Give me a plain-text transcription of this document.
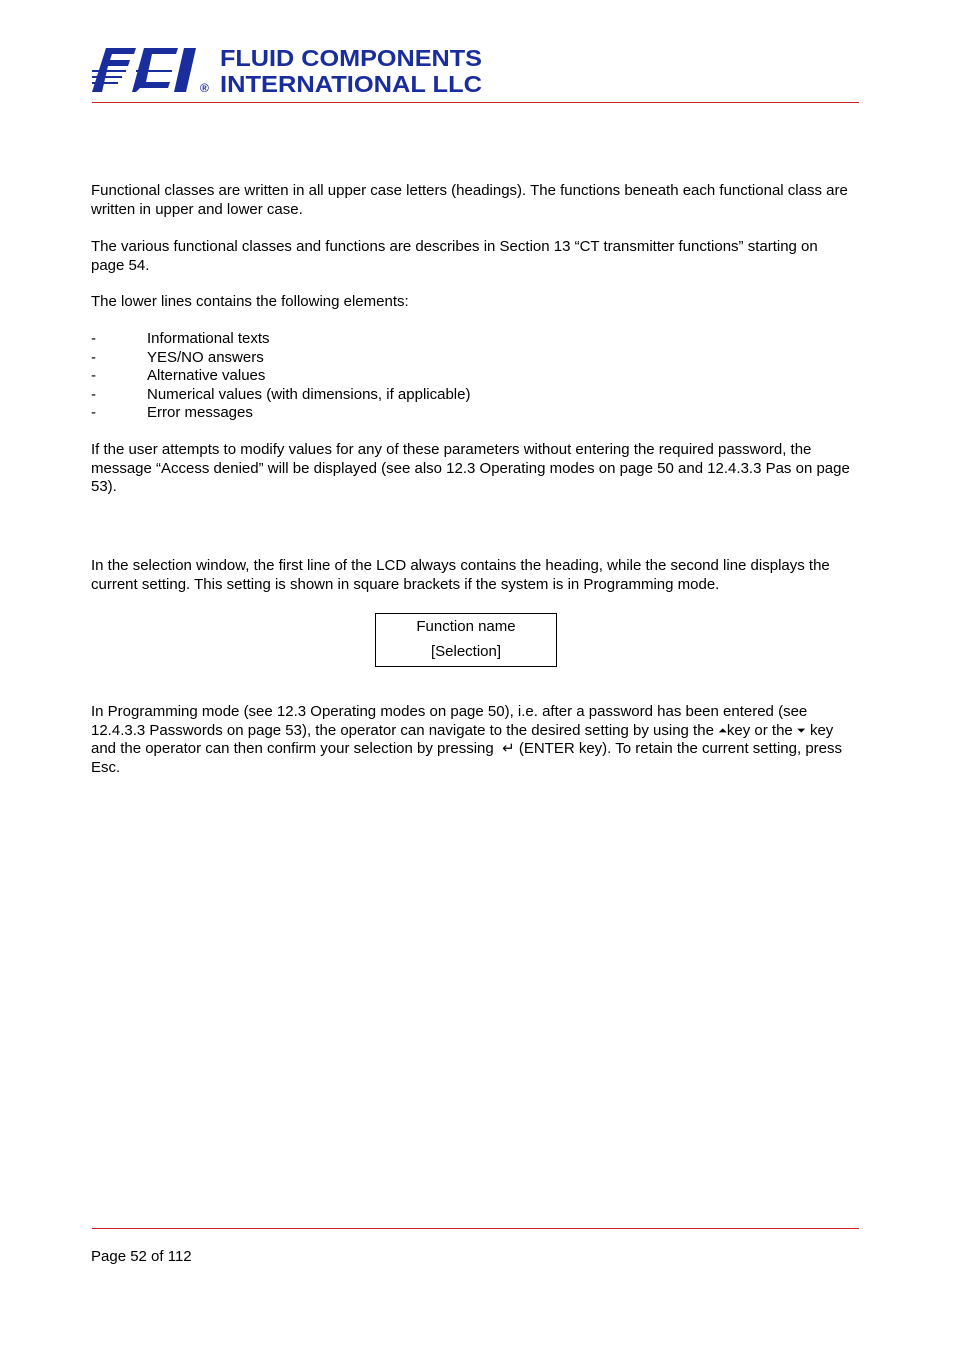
®
FLUID COMPONENTS
INTERNATIONAL LLC

Functional classes are written in all upper case letters (headings). The functions beneath each functional class are written in upper and lower case.

The various functional classes and functions are describes in Section 13 “CT transmitter functions” starting on page 54.

The lower lines contains the following elements:

-	Informational texts
-	YES/NO answers
-	Alternative values
-	Numerical values (with dimensions, if applicable)
-	Error messages

If the user attempts to modify values for any of these parameters without entering the required password, the message “Access denied” will be displayed (see also 12.3 Operating modes on page 50 and 12.4.3.3 Pas on page 53).

In the selection window, the first line of the LCD always contains the heading, while the second line displays the current setting. This setting is shown in square brackets if the system is in Programming mode.

Function name
[Selection]

In Programming mode (see 12.3 Operating modes on page 50), i.e. after a password has been entered (see 12.4.3.3 Passwords on page 53), the operator can navigate to the desired setting by using the ⏶key or the ⏷ key and the operator can then confirm your selection by pressing ↵ (ENTER key). To retain the current setting, press Esc.

Page 52 of 112
